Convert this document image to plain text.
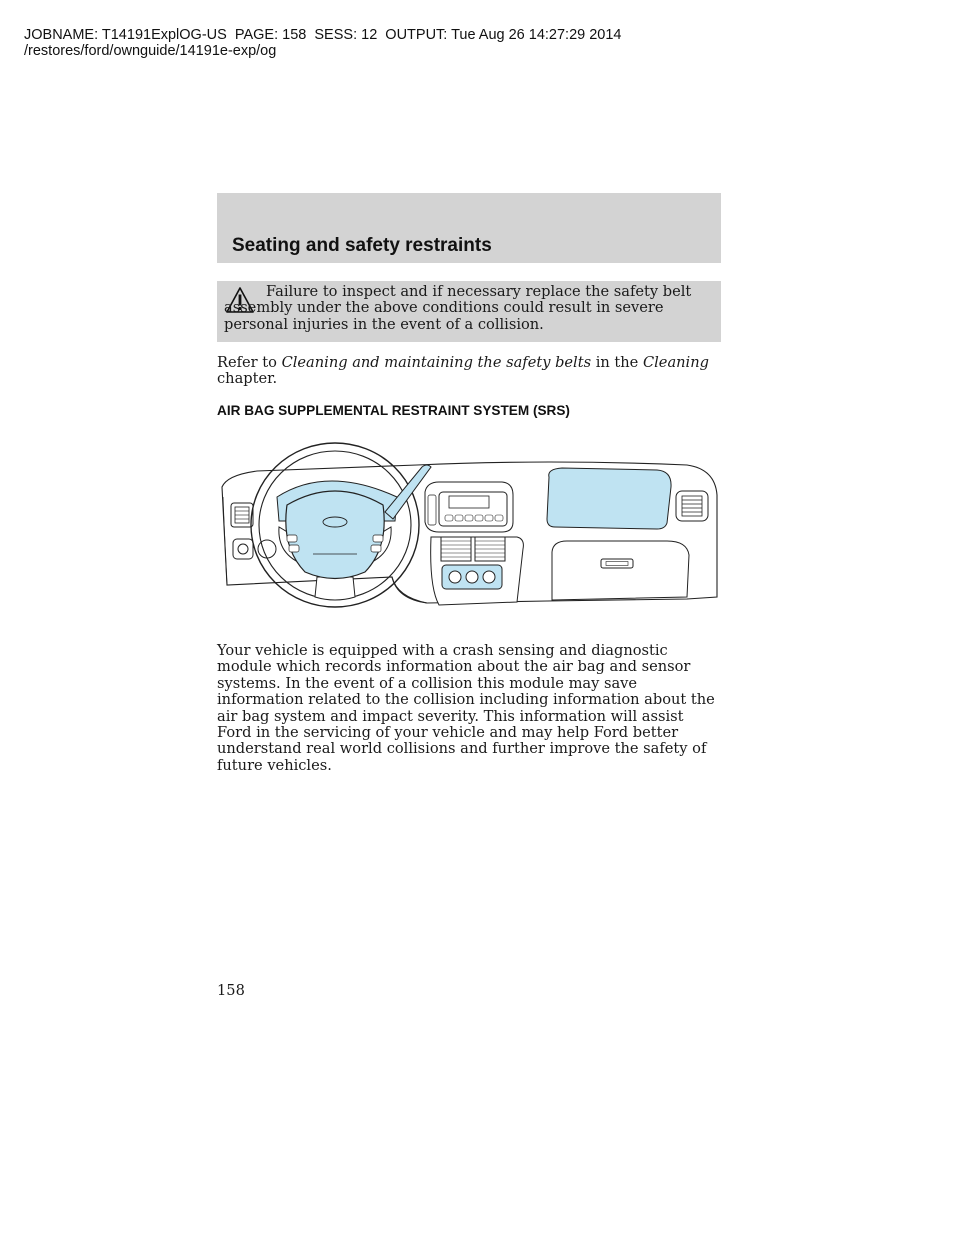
JOBNAME: T14191ExplOG-US  PAGE: 158  SESS: 12  OUTPUT: Tue Aug 26 14:27:29 2014
/restores/ford/ownguide/14191e-exp/og
Seating and safety restraints
Failure to inspect and if necessary replace the safety belt assembly under the above conditions could result in severe personal injuries in the event of a collision.
Refer to Cleaning and maintaining the safety belts in the Cleaning chapter.
AIR BAG SUPPLEMENTAL RESTRAINT SYSTEM (SRS)
Your vehicle is equipped with a crash sensing and diagnostic module which records information about the air bag and sensor systems. In the event of a collision this module may save information related to the collision including information about the air bag system and impact severity. This information will assist Ford in the servicing of your vehicle and may help Ford better understand real world collisions and further improve the safety of future vehicles.
158
